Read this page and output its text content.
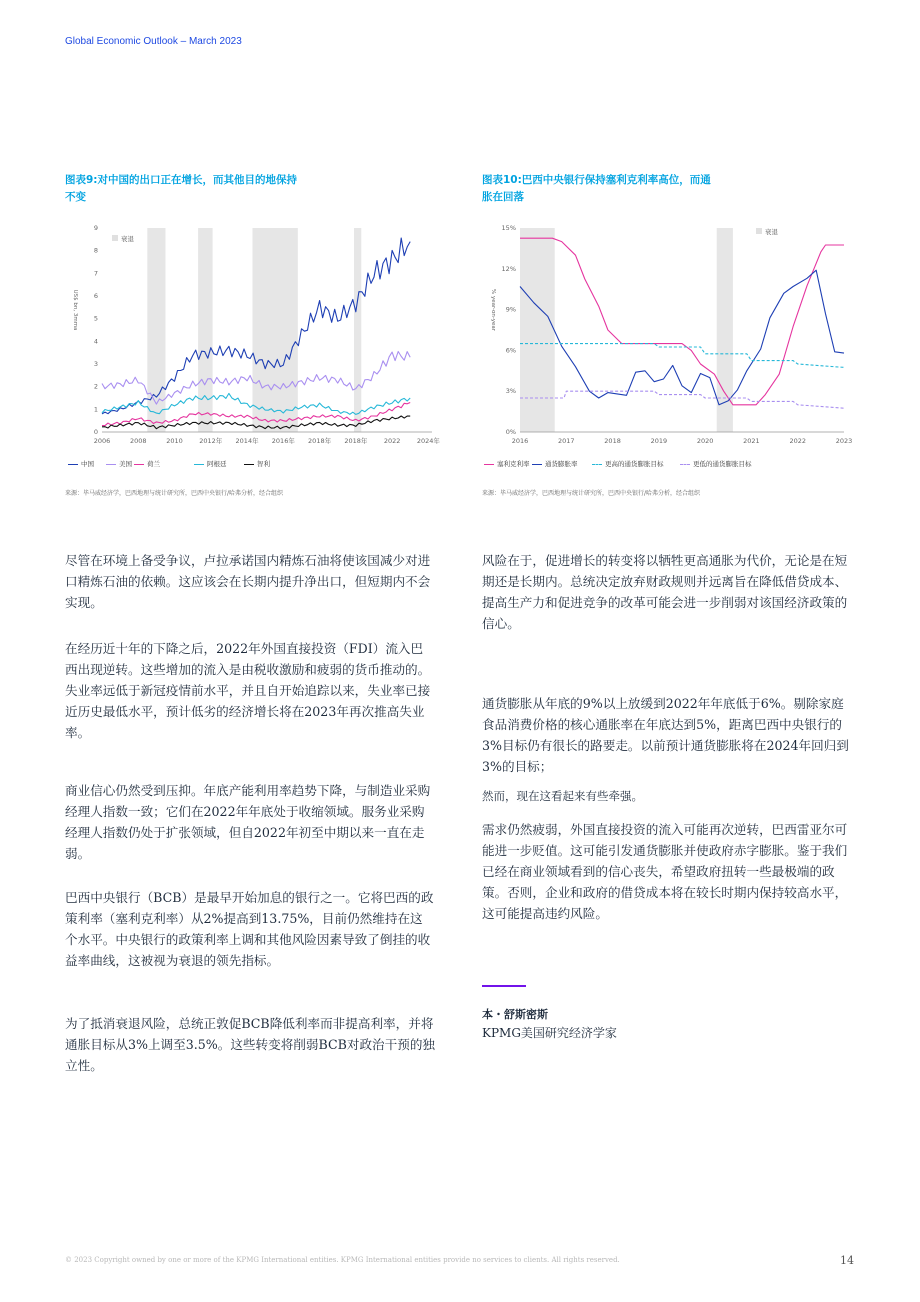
Global Economic Outlook – March 2023
图表9:对中国的出口正在增长，而其他目的地保持
不变
衰退
0
1
2
3
4
5
6
7
8
9
2006	2008	2010	2012年 2014年 2016年 2018年 2018年	2022	2024年
US$ bn, 3mma
中国	美国	荷兰	阿根廷	智利
来源：毕马威经济学，巴西地理与统计研究所，巴西中央银行/哈弗分析，经合组织
图表10:巴西中央银行保持塞利克利率高位，而通
胀在回落
衰退
0%
3%
6%
9%
12%
15%
2016	2017	2018	2019	2020	2021	2022	2023
% year-on-year
塞利克利率	通货膨胀率	更高的通货膨胀目标	更低的通货膨胀目标
来源：毕马威经济学，巴西地理与统计研究所，巴西中央银行/哈弗分析，经合组织

尽管在环境上备受争议，卢拉承诺国内精炼石油将使该国减少对进口精炼石油的依赖。这应该会在长期内提升净出口，但短期内不会实现。

在经历近十年的下降之后，2022年外国直接投资（FDI）流入巴西出现逆转。这些增加的流入是由税收激励和疲弱的货币推动的。失业率远低于新冠疫情前水平，并且自开始追踪以来，失业率已接近历史最低水平，预计低劣的经济增长将在2023年再次推高失业率。

商业信心仍然受到压抑。年底产能利用率趋势下降，与制造业采购经理人指数一致；它们在2022年年底处于收缩领域。服务业采购经理人指数仍处于扩张领域，但自2022年初至中期以来一直在走弱。

巴西中央银行（BCB）是最早开始加息的银行之一。它将巴西的政策利率（塞利克利率）从2%提高到13.75%，目前仍然维持在这个水平。中央银行的政策利率上调和其他风险因素导致了倒挂的收益率曲线，这被视为衰退的领先指标。

为了抵消衰退风险，总统正敦促BCB降低利率而非提高利率，并将通胀目标从3%上调至3.5%。这些转变将削弱BCB对政治干预的独立性。

风险在于，促进增长的转变将以牺牲更高通胀为代价，无论是在短期还是长期内。总统决定放弃财政规则并远离旨在降低借贷成本、提高生产力和促进竞争的改革可能会进一步削弱对该国经济政策的信心。

通货膨胀从年底的9%以上放缓到2022年年底低于6%。剔除家庭食品消费价格的核心通胀率在年底达到5%，距离巴西中央银行的3%目标仍有很长的路要走。以前预计通货膨胀将在2024年回归到3%的目标；

然而，现在这看起来有些牵强。

需求仍然疲弱，外国直接投资的流入可能再次逆转，巴西雷亚尔可能进一步贬值。这可能引发通货膨胀并使政府赤字膨胀。鉴于我们已经在商业领域看到的信心丧失，希望政府扭转一些最极端的政策。否则，企业和政府的借贷成本将在较长时期内保持较高水平，这可能提高违约风险。

本・舒斯密斯
KPMG美国研究经济学家
© 2023 Copyright owned by one or more of the KPMG International entities. KPMG International entities provide no services to clients. All rights reserved.	14
